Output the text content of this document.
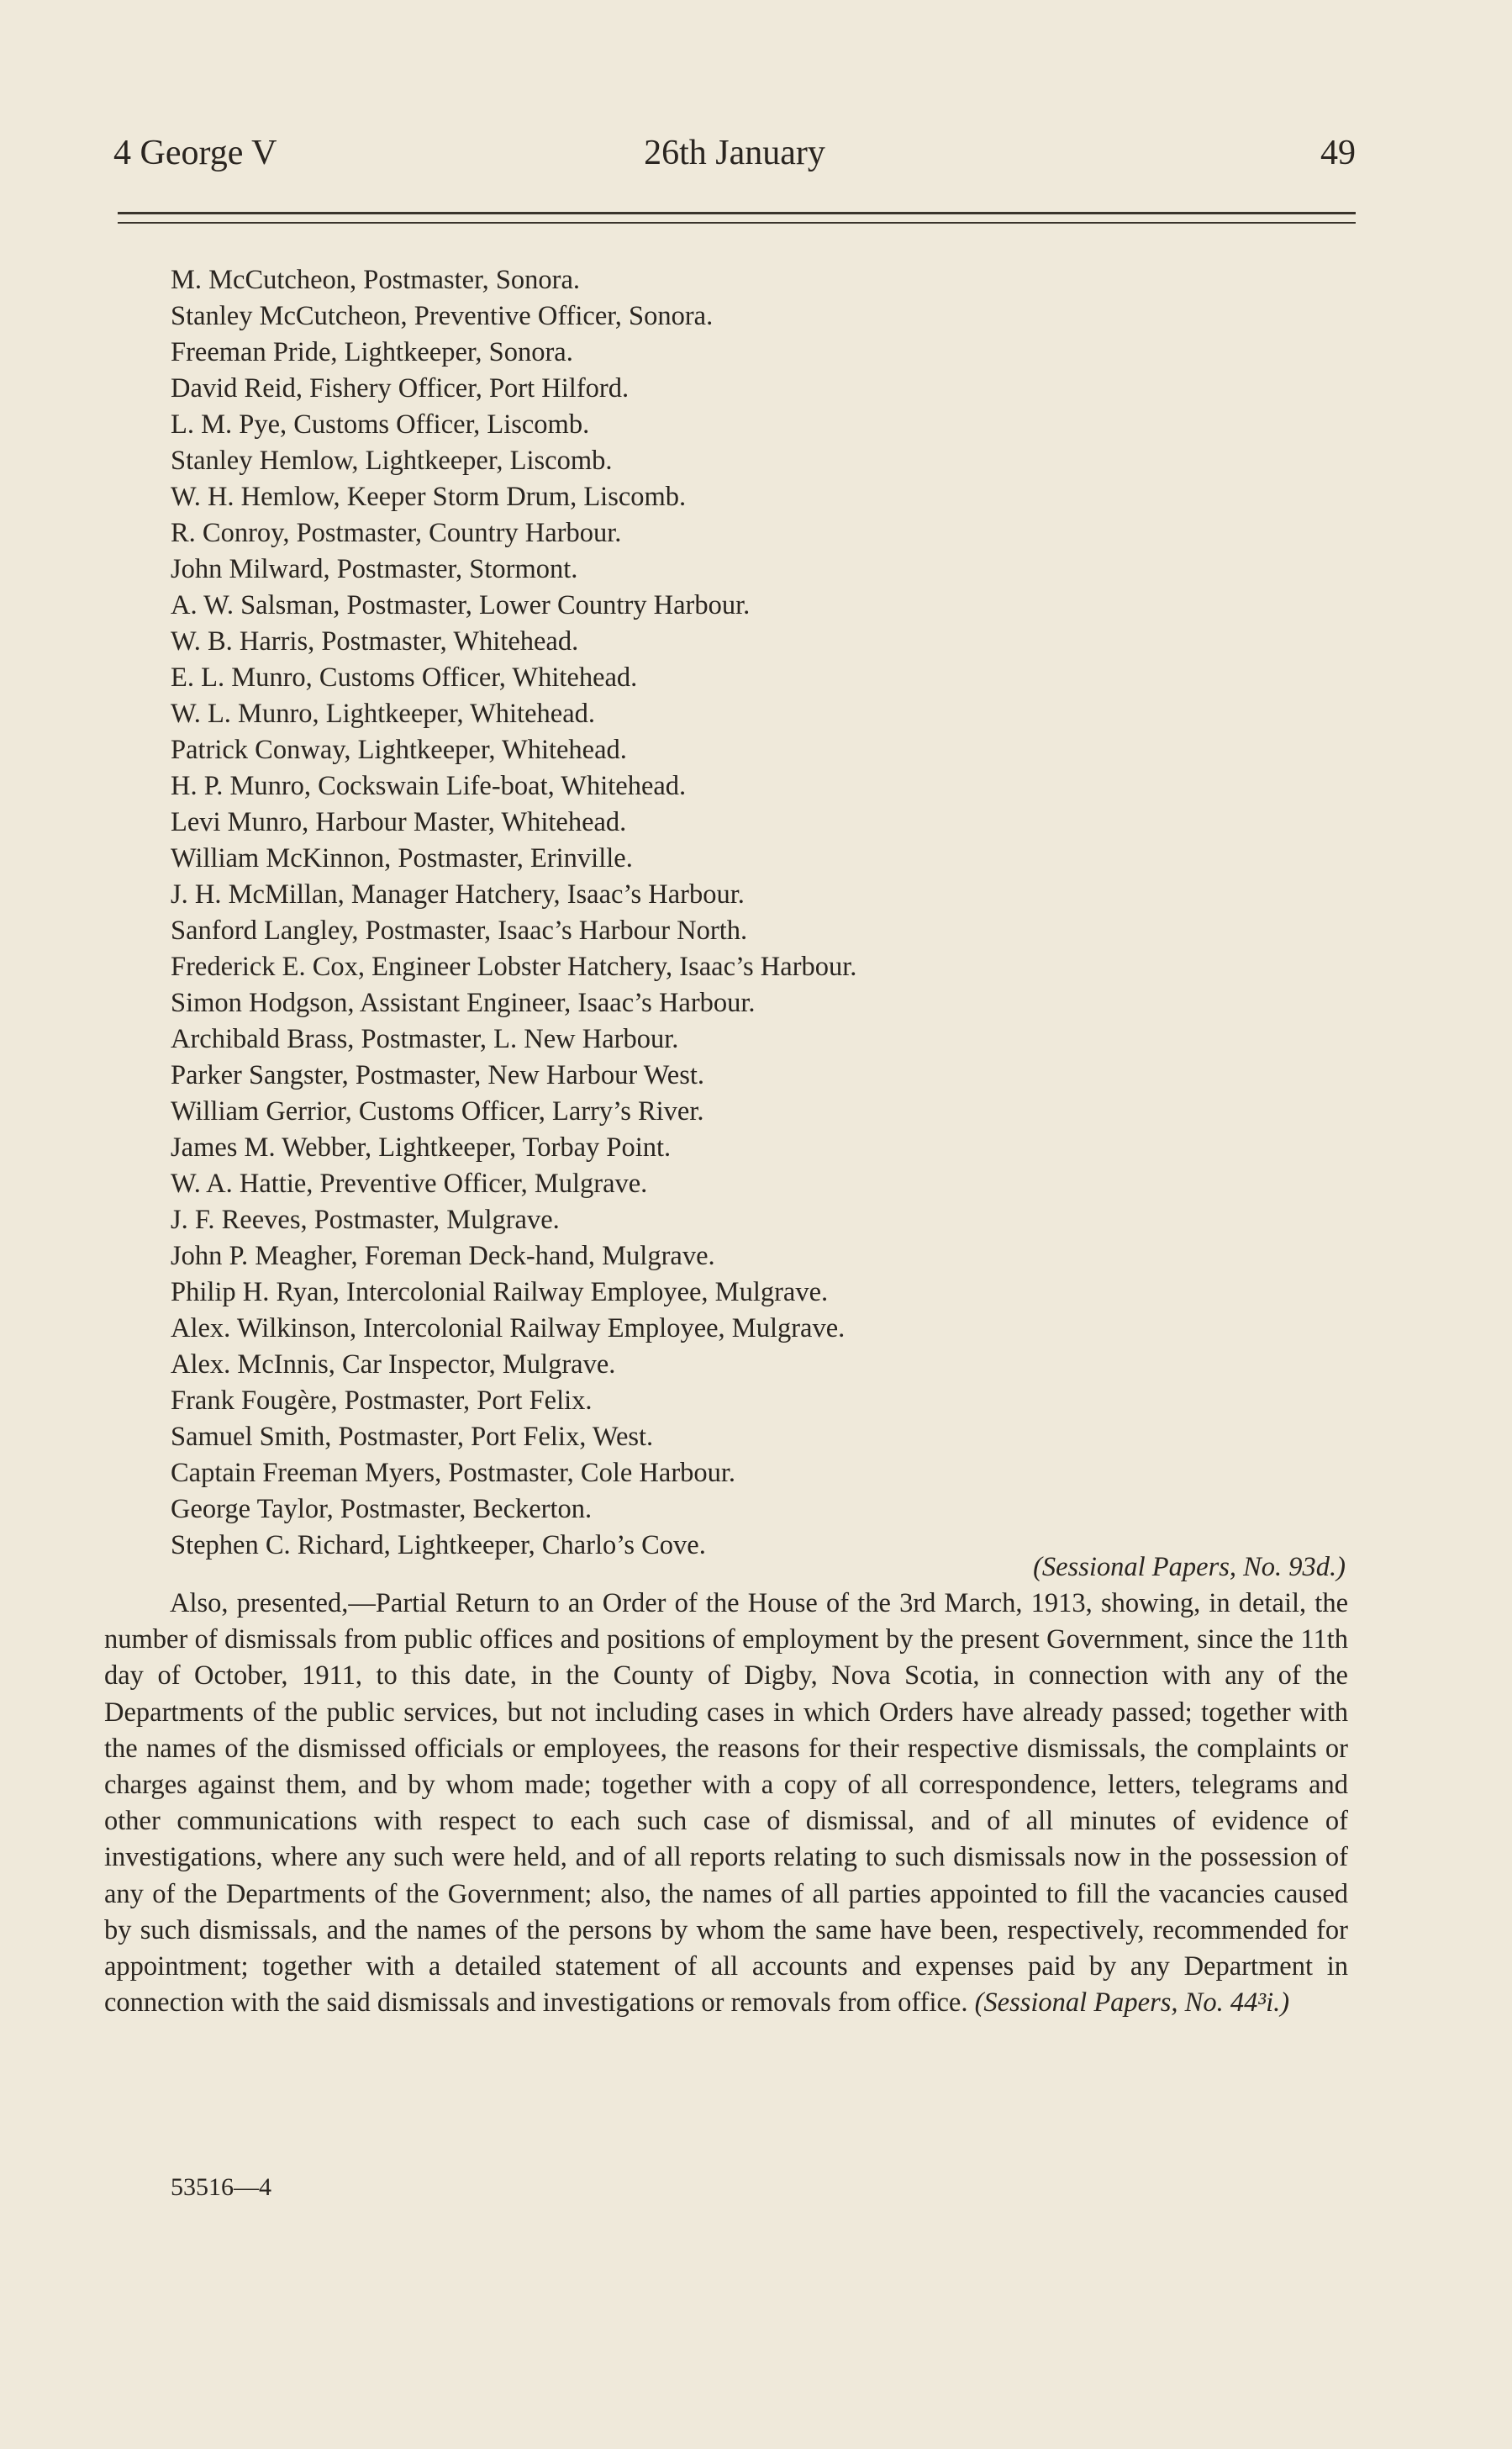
4 George V	26th January	49
M. McCutcheon, Postmaster, Sonora.
Stanley McCutcheon, Preventive Officer, Sonora.
Freeman Pride, Lightkeeper, Sonora.
David Reid, Fishery Officer, Port Hilford.
L. M. Pye, Customs Officer, Liscomb.
Stanley Hemlow, Lightkeeper, Liscomb.
W. H. Hemlow, Keeper Storm Drum, Liscomb.
R. Conroy, Postmaster, Country Harbour.
John Milward, Postmaster, Stormont.
A. W. Salsman, Postmaster, Lower Country Harbour.
W. B. Harris, Postmaster, Whitehead.
E. L. Munro, Customs Officer, Whitehead.
W. L. Munro, Lightkeeper, Whitehead.
Patrick Conway, Lightkeeper, Whitehead.
H. P. Munro, Cockswain Life-boat, Whitehead.
Levi Munro, Harbour Master, Whitehead.
William McKinnon, Postmaster, Erinville.
J. H. McMillan, Manager Hatchery, Isaac’s Harbour.
Sanford Langley, Postmaster, Isaac’s Harbour North.
Frederick E. Cox, Engineer Lobster Hatchery, Isaac’s Harbour.
Simon Hodgson, Assistant Engineer, Isaac’s Harbour.
Archibald Brass, Postmaster, L. New Harbour.
Parker Sangster, Postmaster, New Harbour West.
William Gerrior, Customs Officer, Larry’s River.
James M. Webber, Lightkeeper, Torbay Point.
W. A. Hattie, Preventive Officer, Mulgrave.
J. F. Reeves, Postmaster, Mulgrave.
John P. Meagher, Foreman Deck-hand, Mulgrave.
Philip H. Ryan, Intercolonial Railway Employee, Mulgrave.
Alex. Wilkinson, Intercolonial Railway Employee, Mulgrave.
Alex. McInnis, Car Inspector, Mulgrave.
Frank Fougère, Postmaster, Port Felix.
Samuel Smith, Postmaster, Port Felix, West.
Captain Freeman Myers, Postmaster, Cole Harbour.
George Taylor, Postmaster, Beckerton.
Stephen C. Richard, Lightkeeper, Charlo’s Cove.
(Sessional Papers, No. 93d.)

Also, presented,—Partial Return to an Order of the House of the 3rd March, 1913, showing, in detail, the number of dismissals from public offices and positions of employment by the present Government, since the 11th day of October, 1911, to this date, in the County of Digby, Nova Scotia, in connection with any of the Departments of the public services, but not including cases in which Orders have already passed; together with the names of the dismissed officials or employees, the reasons for their respective dismissals, the complaints or charges against them, and by whom made; together with a copy of all correspondence, letters, telegrams and other communications with respect to each such case of dismissal, and of all minutes of evidence of investigations, where any such were held, and of all reports relating to such dismissals now in the possession of any of the Departments of the Government; also, the names of all parties appointed to fill the vacancies caused by such dismissals, and the names of the persons by whom the same have been, respectively, recommended for appointment; together with a detailed statement of all accounts and expenses paid by any Department in connection with the said dismissals and investigations or removals from office. (Sessional Papers, No. 44³i.)

53516—4
